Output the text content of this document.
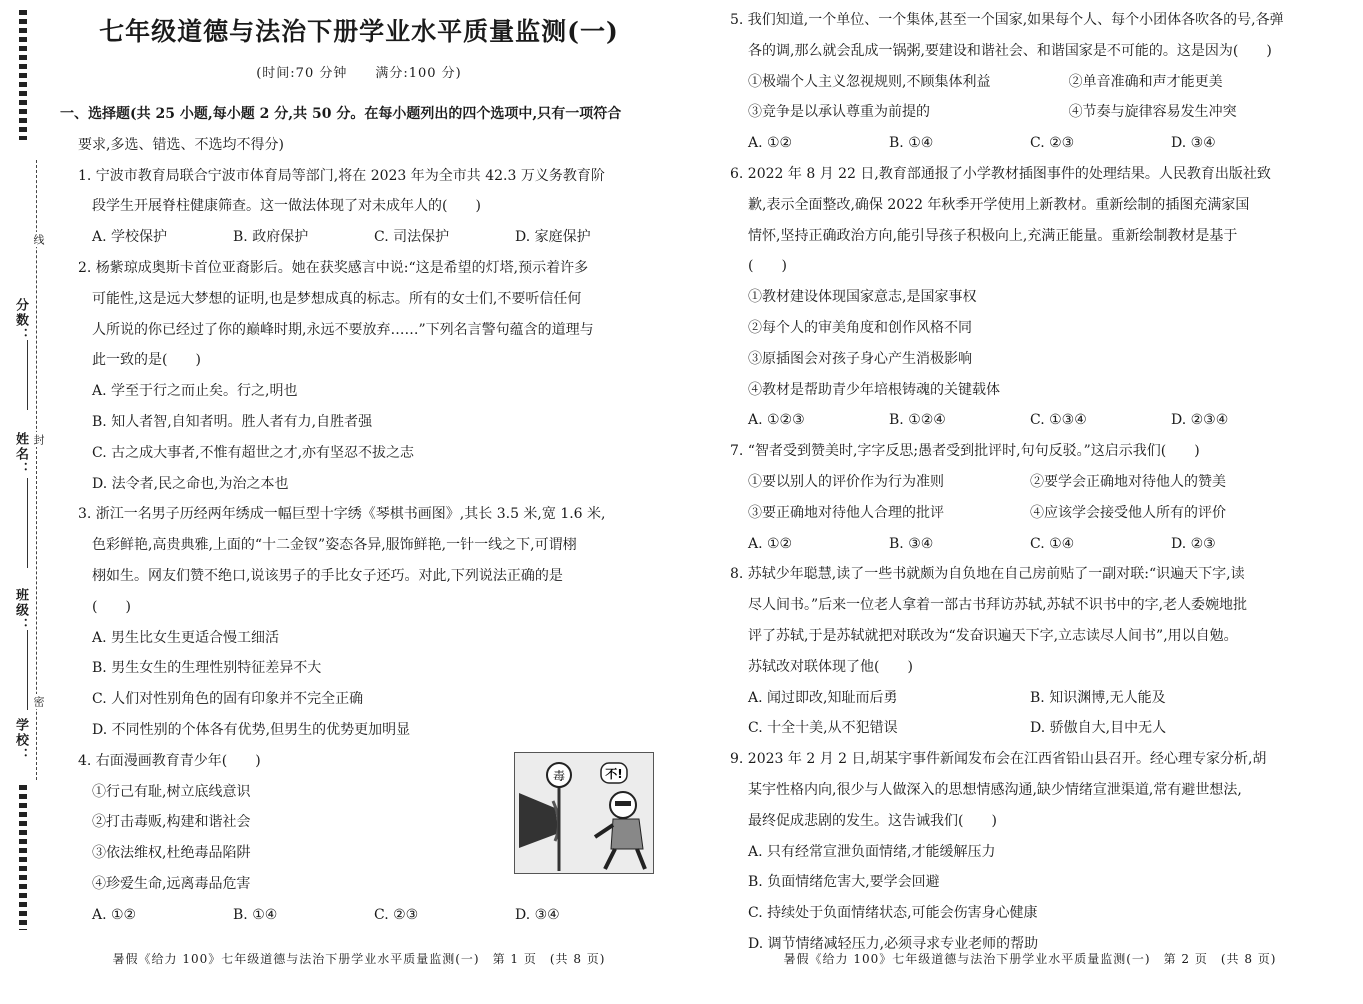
分数：
姓名：
班级：
学校：
线
封
密
七年级道德与法治下册学业水平质量监测(一)
(时间:70 分钟　　满分:100 分)
一、选择题(共 25 小题,每小题 2 分,共 50 分。在每小题列出的四个选项中,只有一项符合
要求,多选、错选、不选均不得分)
1. 宁波市教育局联合宁波市体育局等部门,将在 2023 年为全市共 42.3 万义务教育阶
段学生开展脊柱健康筛查。这一做法体现了对未成年人的(　　)
A. 学校保护	B. 政府保护	C. 司法保护	D. 家庭保护
2. 杨紫琼成奥斯卡首位亚裔影后。她在获奖感言中说:“这是希望的灯塔,预示着许多
可能性,这是远大梦想的证明,也是梦想成真的标志。所有的女士们,不要听信任何
人所说的你已经过了你的巅峰时期,永远不要放弃……”下列名言警句蕴含的道理与
此一致的是(　　)
A. 学至于行之而止矣。行之,明也
B. 知人者智,自知者明。胜人者有力,自胜者强
C. 古之成大事者,不惟有超世之才,亦有坚忍不拔之志
D. 法令者,民之命也,为治之本也
3. 浙江一名男子历经两年绣成一幅巨型十字绣《琴棋书画图》,其长 3.5 米,宽 1.6 米,
色彩鲜艳,高贵典雅,上面的“十二金钗”姿态各异,服饰鲜艳,一针一线之下,可谓栩
栩如生。网友们赞不绝口,说该男子的手比女子还巧。对此,下列说法正确的是
(　　)
A. 男生比女生更适合慢工细活
B. 男生女生的生理性别特征差异不大
C. 人们对性别角色的固有印象并不完全正确
D. 不同性别的个体各有优势,但男生的优势更加明显
4. 右面漫画教育青少年(　　)
①行己有耻,树立底线意识
②打击毒贩,构建和谐社会
③依法维权,杜绝毒品陷阱
④珍爱生命,远离毒品危害
A. ①②	B. ①④	C. ②③	D. ③④
毒	不!
暑假《给力 100》七年级道德与法治下册学业水平质量监测(一)　第 1 页　(共 8 页)
5. 我们知道,一个单位、一个集体,甚至一个国家,如果每个人、每个小团体各吹各的号,各弹
各的调,那么就会乱成一锅粥,要建设和谐社会、和谐国家是不可能的。这是因为(　　)
①极端个人主义忽视规则,不顾集体利益	②单音准确和声才能更美
③竞争是以承认尊重为前提的	④节奏与旋律容易发生冲突
A. ①②	B. ①④	C. ②③	D. ③④
6. 2022 年 8 月 22 日,教育部通报了小学教材插图事件的处理结果。人民教育出版社致
歉,表示全面整改,确保 2022 年秋季开学使用上新教材。重新绘制的插图充满家国
情怀,坚持正确政治方向,能引导孩子积极向上,充满正能量。重新绘制教材是基于
(　　)
①教材建设体现国家意志,是国家事权
②每个人的审美角度和创作风格不同
③原插图会对孩子身心产生消极影响
④教材是帮助青少年培根铸魂的关键载体
A. ①②③	B. ①②④	C. ①③④	D. ②③④
7. “智者受到赞美时,字字反思;愚者受到批评时,句句反驳。”这启示我们(　　)
①要以别人的评价作为行为准则	②要学会正确地对待他人的赞美
③要正确地对待他人合理的批评	④应该学会接受他人所有的评价
A. ①②	B. ③④	C. ①④	D. ②③
8. 苏轼少年聪慧,读了一些书就颇为自负地在自己房前贴了一副对联:“识遍天下字,读
尽人间书。”后来一位老人拿着一部古书拜访苏轼,苏轼不识书中的字,老人委婉地批
评了苏轼,于是苏轼就把对联改为“发奋识遍天下字,立志读尽人间书”,用以自勉。
苏轼改对联体现了他(　　)
A. 闻过即改,知耻而后勇	B. 知识渊博,无人能及
C. 十全十美,从不犯错误	D. 骄傲自大,目中无人
9. 2023 年 2 月 2 日,胡某宇事件新闻发布会在江西省铅山县召开。经心理专家分析,胡
某宇性格内向,很少与人做深入的思想情感沟通,缺少情绪宣泄渠道,常有避世想法,
最终促成悲剧的发生。这告诫我们(　　)
A. 只有经常宣泄负面情绪,才能缓解压力
B. 负面情绪危害大,要学会回避
C. 持续处于负面情绪状态,可能会伤害身心健康
D. 调节情绪减轻压力,必须寻求专业老师的帮助
暑假《给力 100》七年级道德与法治下册学业水平质量监测(一)　第 2 页　(共 8 页)
